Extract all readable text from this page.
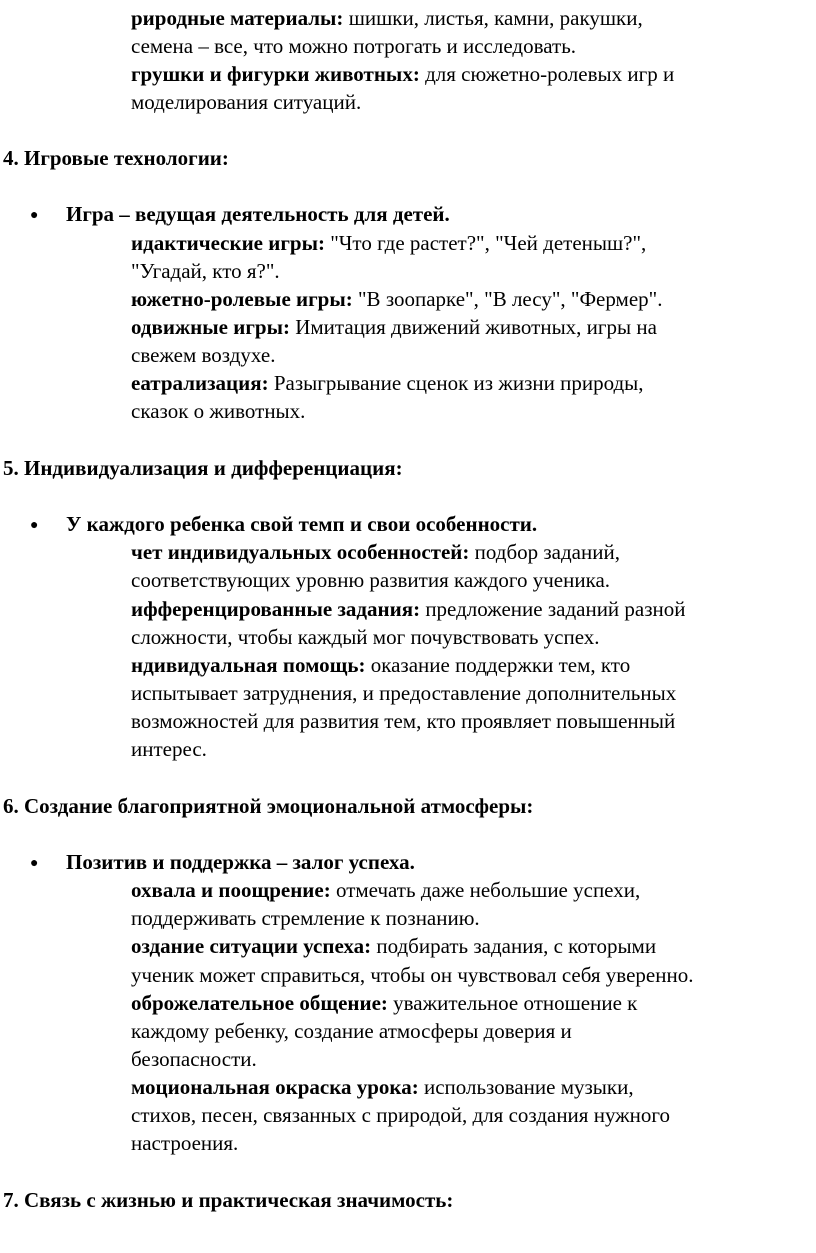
риродные материалы: шишки, листья, камни, ракушки,
семена – все, что можно потрогать и исследовать.
грушки и фигурки животных: для сюжетно-ролевых игр и
моделирования ситуаций.
4. Игровые технологии:
● Игра – ведущая деятельность для детей.
идактические игры: "Что где растет?", "Чей детеныш?",
"Угадай, кто я?".
южетно-ролевые игры: "В зоопарке", "В лесу", "Фермер".
одвижные игры: Имитация движений животных, игры на
свежем воздухе.
еатрализация: Разыгрывание сценок из жизни природы,
сказок о животных.
5. Индивидуализация и дифференциация:
● У каждого ребенка свой темп и свои особенности.
чет индивидуальных особенностей: подбор заданий,
соответствующих уровню развития каждого ученика.
ифференцированные задания: предложение заданий разной
сложности, чтобы каждый мог почувствовать успех.
ндивидуальная помощь: оказание поддержки тем, кто
испытывает затруднения, и предоставление дополнительных
возможностей для развития тем, кто проявляет повышенный
интерес.
6. Создание благоприятной эмоциональной атмосферы:
● Позитив и поддержка – залог успеха.
охвала и поощрение: отмечать даже небольшие успехи,
поддерживать стремление к познанию.
оздание ситуации успеха: подбирать задания, с которыми
ученик может справиться, чтобы он чувствовал себя уверенно.
оброжелательное общение: уважительное отношение к
каждому ребенку, создание атмосферы доверия и
безопасности.
моциональная окраска урока: использование музыки,
стихов, песен, связанных с природой, для создания нужного
настроения.
7. Связь с жизнью и практическая значимость:
